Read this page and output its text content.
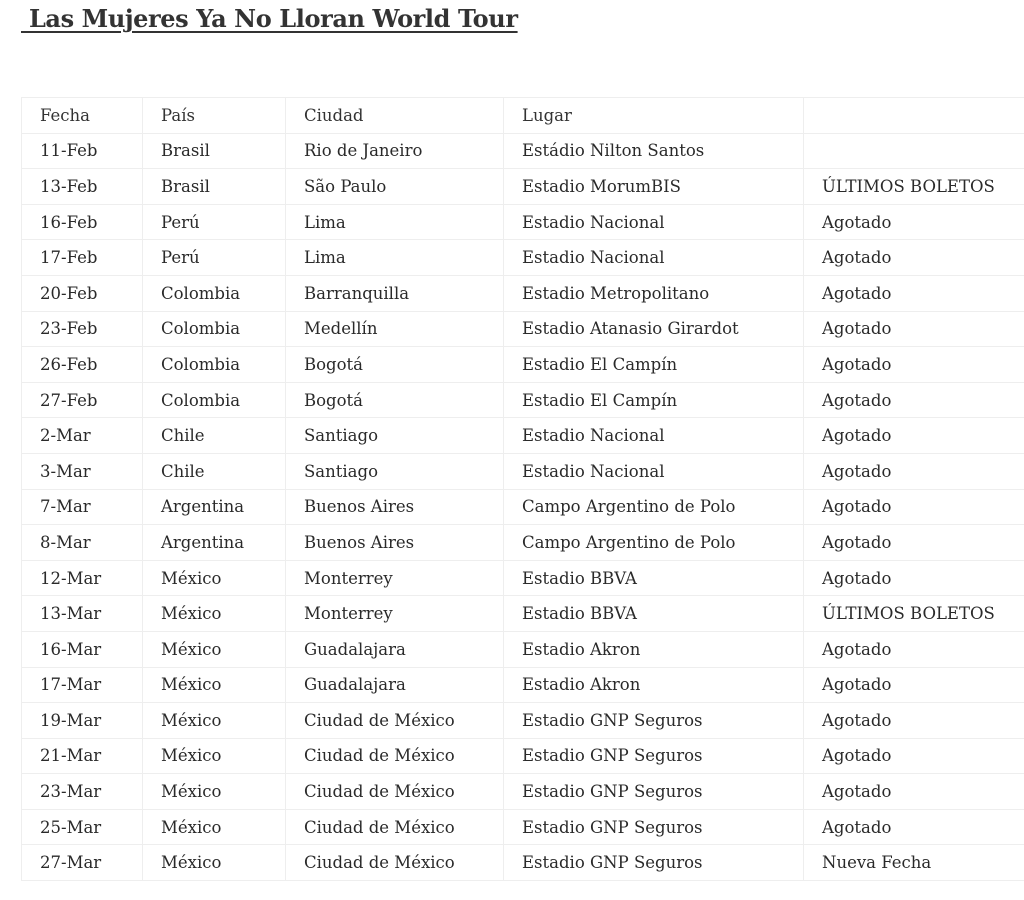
Las Mujeres Ya No Lloran World Tour
Fecha	País	Ciudad	Lugar	
11-Feb	Brasil	Rio de Janeiro	Estádio Nilton Santos	
13-Feb	Brasil	São Paulo	Estadio MorumBIS	ÚLTIMOS BOLETOS
16-Feb	Perú	Lima	Estadio Nacional	Agotado
17-Feb	Perú	Lima	Estadio Nacional	Agotado
20-Feb	Colombia	Barranquilla	Estadio Metropolitano	Agotado
23-Feb	Colombia	Medellín	Estadio Atanasio Girardot	Agotado
26-Feb	Colombia	Bogotá	Estadio El Campín	Agotado
27-Feb	Colombia	Bogotá	Estadio El Campín	Agotado
2-Mar	Chile	Santiago	Estadio Nacional	Agotado
3-Mar	Chile	Santiago	Estadio Nacional	Agotado
7-Mar	Argentina	Buenos Aires	Campo Argentino de Polo	Agotado
8-Mar	Argentina	Buenos Aires	Campo Argentino de Polo	Agotado
12-Mar	México	Monterrey	Estadio BBVA	Agotado
13-Mar	México	Monterrey	Estadio BBVA	ÚLTIMOS BOLETOS
16-Mar	México	Guadalajara	Estadio Akron	Agotado
17-Mar	México	Guadalajara	Estadio Akron	Agotado
19-Mar	México	Ciudad de México	Estadio GNP Seguros	Agotado
21-Mar	México	Ciudad de México	Estadio GNP Seguros	Agotado
23-Mar	México	Ciudad de México	Estadio GNP Seguros	Agotado
25-Mar	México	Ciudad de México	Estadio GNP Seguros	Agotado
27-Mar	México	Ciudad de México	Estadio GNP Seguros	Nueva Fecha
